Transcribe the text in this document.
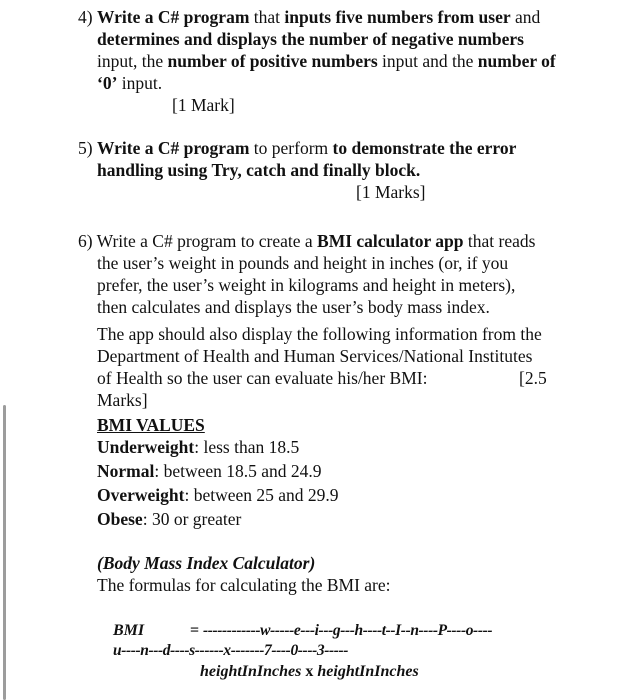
4) Write a C# program that inputs five numbers from user and
determines and displays the number of negative numbers
input, the number of positive numbers input and the number of
‘0’ input.
[1 Mark]
5) Write a C# program to perform to demonstrate the error
handling using Try, catch and finally block.
[1 Marks]
6) Write a C# program to create a BMI calculator app that reads
the user’s weight in pounds and height in inches (or, if you
prefer, the user’s weight in kilograms and height in meters),
then calculates and displays the user’s body mass index.
The app should also display the following information from the
Department of Health and Human Services/National Institutes
of Health so the user can evaluate his/her BMI:	[2.5
Marks]
BMI VALUES
Underweight: less than 18.5
Normal: between 18.5 and 24.9
Overweight: between 25 and 29.9
Obese: 30 or greater
(Body Mass Index Calculator)
The formulas for calculating the BMI are:
BMI	= ------------w-----e---i---g---h----t--I--n----P----o----
u----n---d----s------x-------7----0----3-----
heightInInches x heightInInches
